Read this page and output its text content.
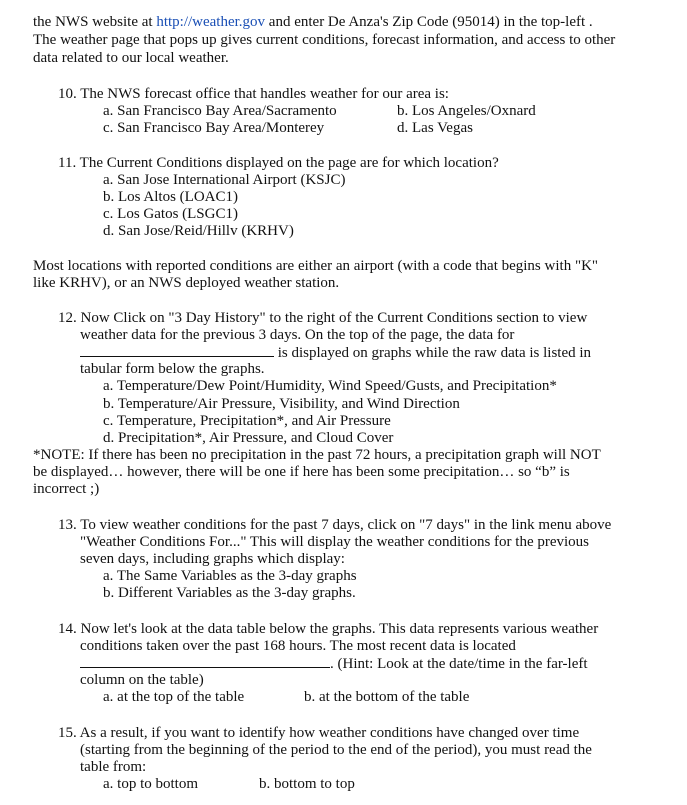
the NWS website at http://weather.gov and enter De Anza's Zip Code (95014) in the top-left .
The weather page that pops up gives current conditions, forecast information, and access to other
data related to our local weather.
10. The NWS forecast office that handles weather for our area is:
a. San Francisco Bay Area/Sacramento	b. Los Angeles/Oxnard
c. San Francisco Bay Area/Monterey	d. Las Vegas
11. The Current Conditions displayed on the page are for which location?
a. San Jose International Airport (KSJC)
b. Los Altos (LOAC1)
c. Los Gatos (LSGC1)
d. San Jose/Reid/Hillv (KRHV)
Most locations with reported conditions are either an airport (with a code that begins with "K"
like KRHV), or an NWS deployed weather station.
12. Now Click on "3 Day History" to the right of the Current Conditions section to view
weather data for the previous 3 days. On the top of the page, the data for
is displayed on graphs while the raw data is listed in
tabular form below the graphs.
a. Temperature/Dew Point/Humidity, Wind Speed/Gusts, and Precipitation*
b. Temperature/Air Pressure, Visibility, and Wind Direction
c. Temperature, Precipitation*, and Air Pressure
d. Precipitation*, Air Pressure, and Cloud Cover
*NOTE: If there has been no precipitation in the past 72 hours, a precipitation graph will NOT
be displayed… however, there will be one if here has been some precipitation… so “b” is
incorrect ;)
13. To view weather conditions for the past 7 days, click on "7 days" in the link menu above
"Weather Conditions For..." This will display the weather conditions for the previous
seven days, including graphs which display:
a. The Same Variables as the 3-day graphs
b. Different Variables as the 3-day graphs.
14. Now let's look at the data table below the graphs. This data represents various weather
conditions taken over the past 168 hours. The most recent data is located
. (Hint: Look at the date/time in the far-left
column on the table)
a. at the top of the table	b. at the bottom of the table
15. As a result, if you want to identify how weather conditions have changed over time
(starting from the beginning of the period to the end of the period), you must read the
table from:
a. top to bottom	b. bottom to top
